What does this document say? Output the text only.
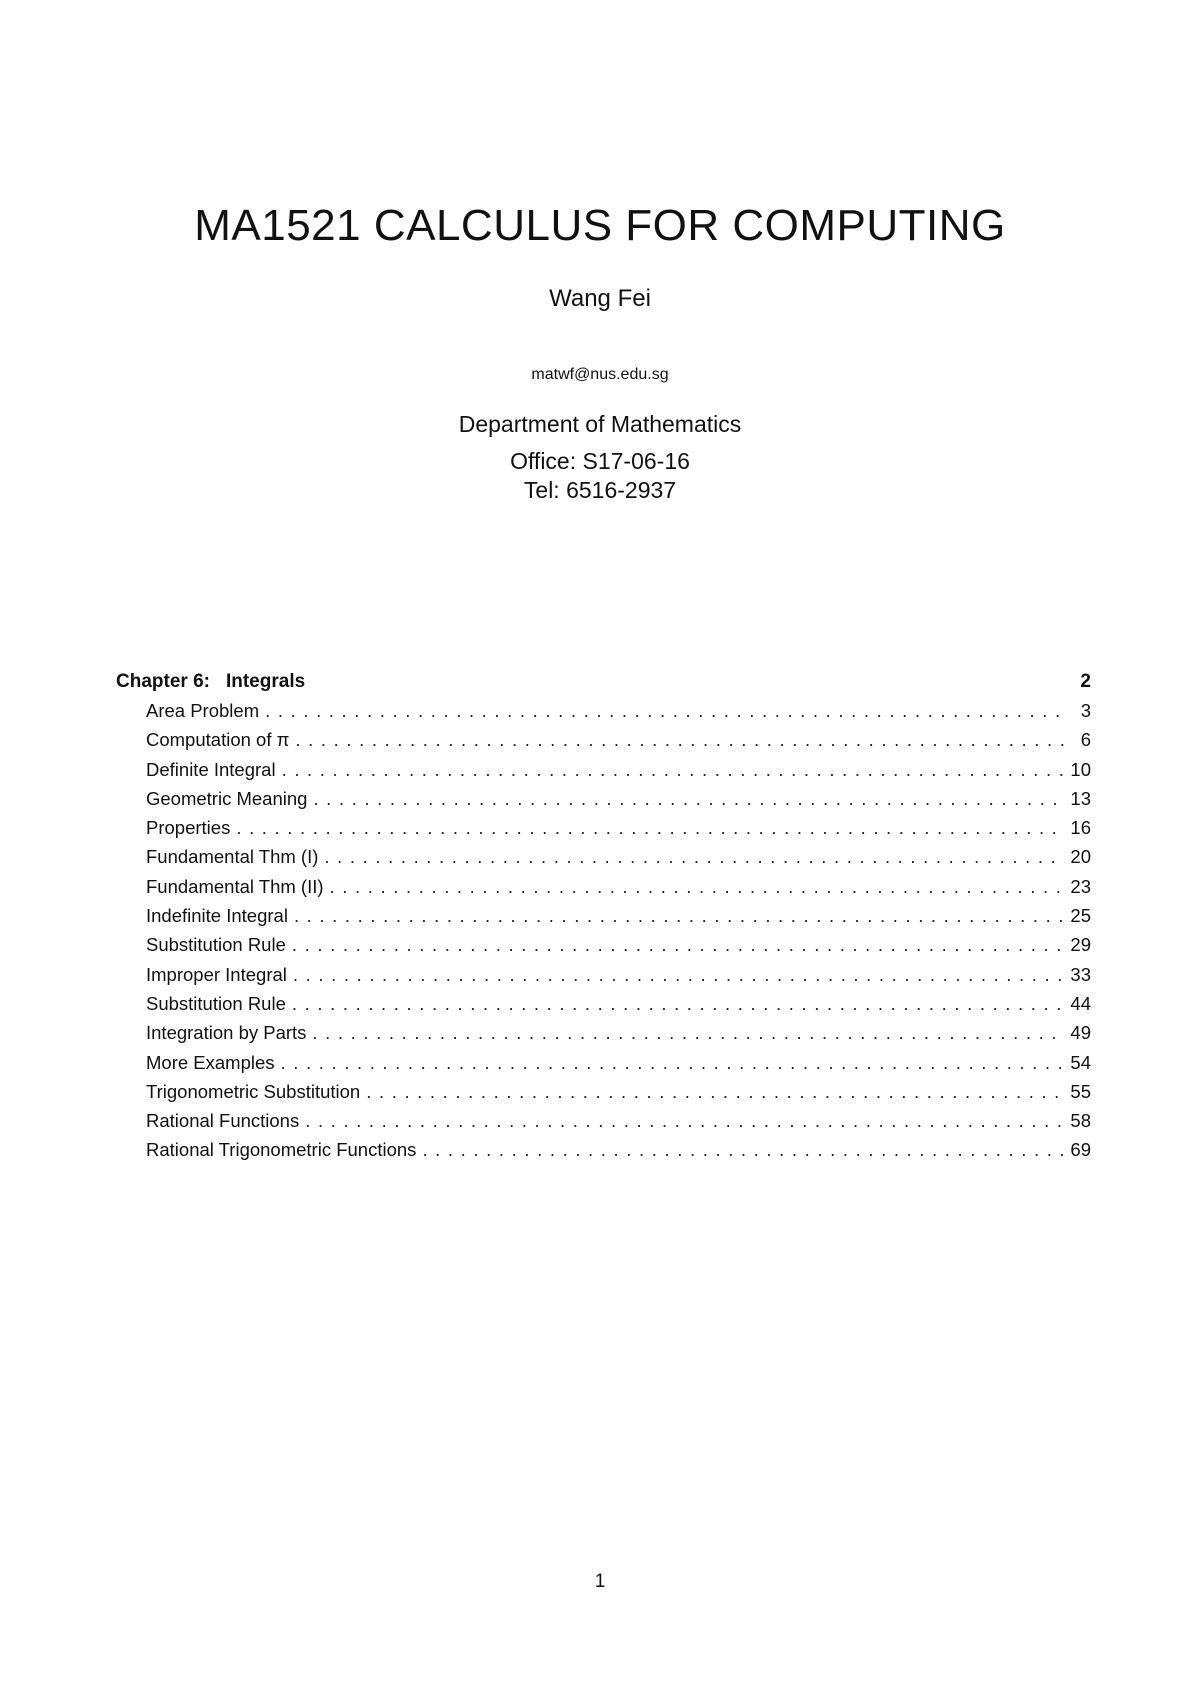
MA1521 CALCULUS FOR COMPUTING
Wang Fei
matwf@nus.edu.sg
Department of Mathematics
Office: S17-06-16
Tel: 6516-2937
Chapter 6: Integrals	2
Area Problem .....	3
Computation of π .....	6
Definite Integral .....	10
Geometric Meaning .....	13
Properties .....	16
Fundamental Thm (I) .....	20
Fundamental Thm (II) .....	23
Indefinite Integral .....	25
Substitution Rule .....	29
Improper Integral .....	33
Substitution Rule .....	44
Integration by Parts .....	49
More Examples .....	54
Trigonometric Substitution .....	55
Rational Functions .....	58
Rational Trigonometric Functions .....	69
1
